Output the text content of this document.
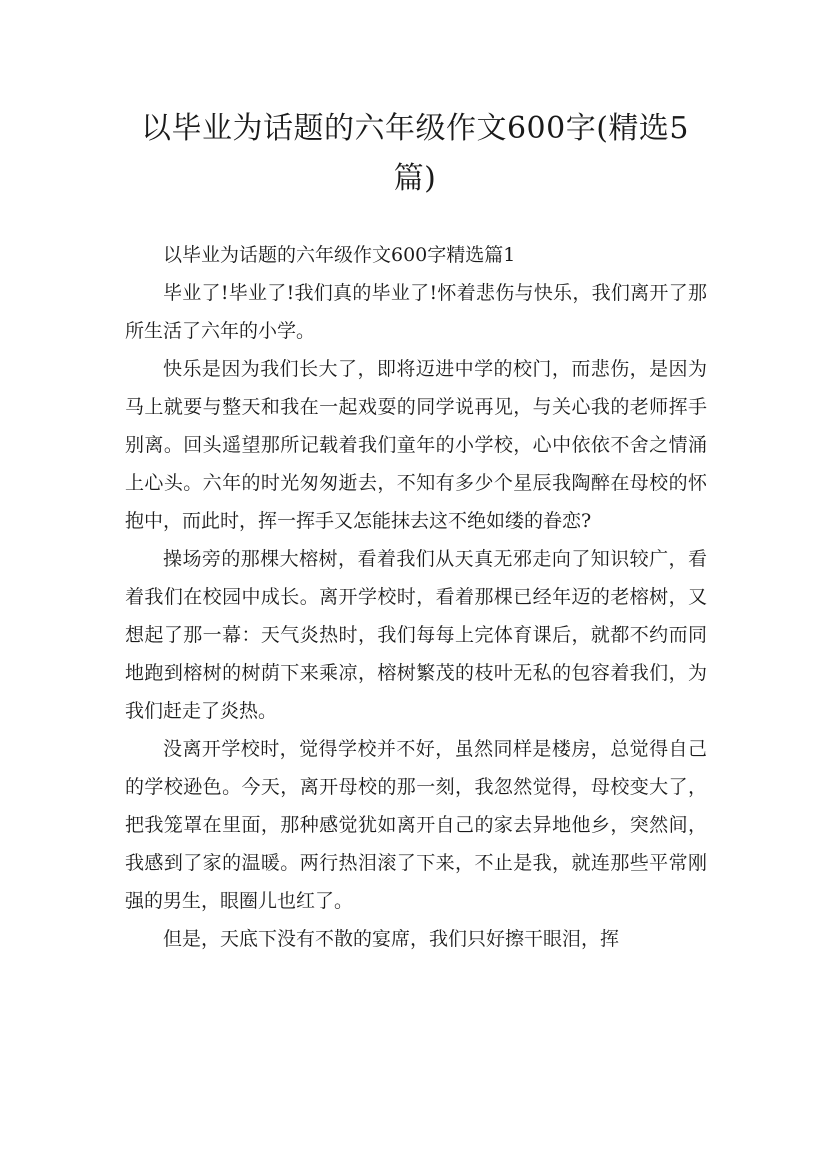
以毕业为话题的六年级作文600字(精选5篇)

以毕业为话题的六年级作文600字精选篇1

毕业了!毕业了!我们真的毕业了!怀着悲伤与快乐，我们离开了那所生活了六年的小学。

快乐是因为我们长大了，即将迈进中学的校门，而悲伤，是因为马上就要与整天和我在一起戏耍的同学说再见，与关心我的老师挥手别离。回头遥望那所记载着我们童年的小学校，心中依依不舍之情涌上心头。六年的时光匆匆逝去，不知有多少个星辰我陶醉在母校的怀抱中，而此时，挥一挥手又怎能抹去这不绝如缕的眷恋?

操场旁的那棵大榕树，看着我们从天真无邪走向了知识较广，看着我们在校园中成长。离开学校时，看着那棵已经年迈的老榕树，又想起了那一幕：天气炎热时，我们每每上完体育课后，就都不约而同地跑到榕树的树荫下来乘凉，榕树繁茂的枝叶无私的包容着我们，为我们赶走了炎热。

没离开学校时，觉得学校并不好，虽然同样是楼房，总觉得自己的学校逊色。今天，离开母校的那一刻，我忽然觉得，母校变大了，把我笼罩在里面，那种感觉犹如离开自己的家去异地他乡，突然间，我感到了家的温暖。两行热泪滚了下来，不止是我，就连那些平常刚强的男生，眼圈儿也红了。

但是，天底下没有不散的宴席，我们只好擦干眼泪，挥
